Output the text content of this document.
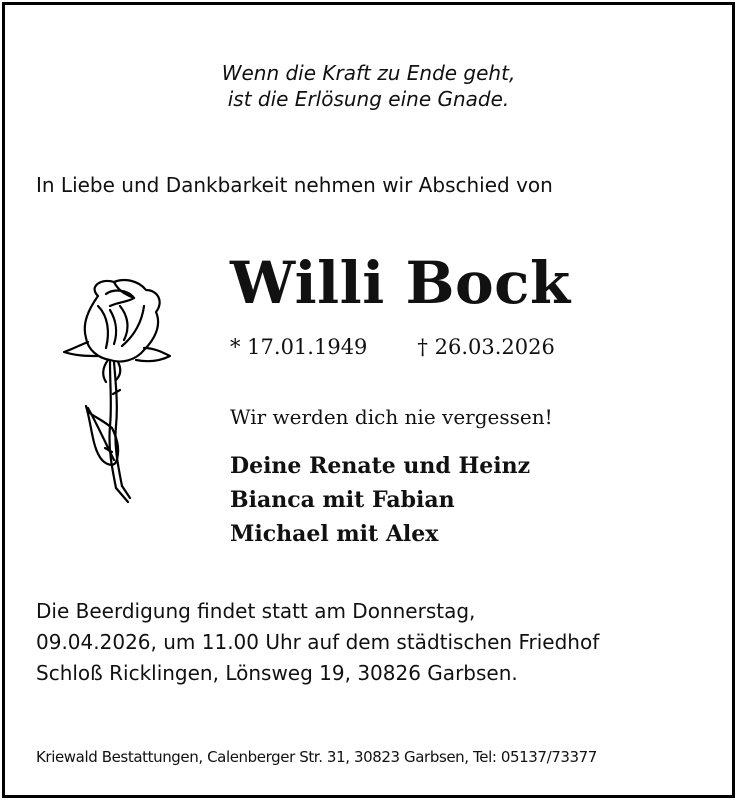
Wenn die Kraft zu Ende geht,
ist die Erlösung eine Gnade.
In Liebe und Dankbarkeit nehmen wir Abschied von
Willi Bock
* 17.01.1949 † 26.03.2026
Wir werden dich nie vergessen!
Deine Renate und Heinz
Bianca mit Fabian
Michael mit Alex
Die Beerdigung findet statt am Donnerstag,
09.04.2026, um 11.00 Uhr auf dem städtischen Friedhof
Schloß Ricklingen, Lönsweg 19, 30826 Garbsen.
Kriewald Bestattungen, Calenberger Str. 31, 30823 Garbsen, Tel: 05137/73377
